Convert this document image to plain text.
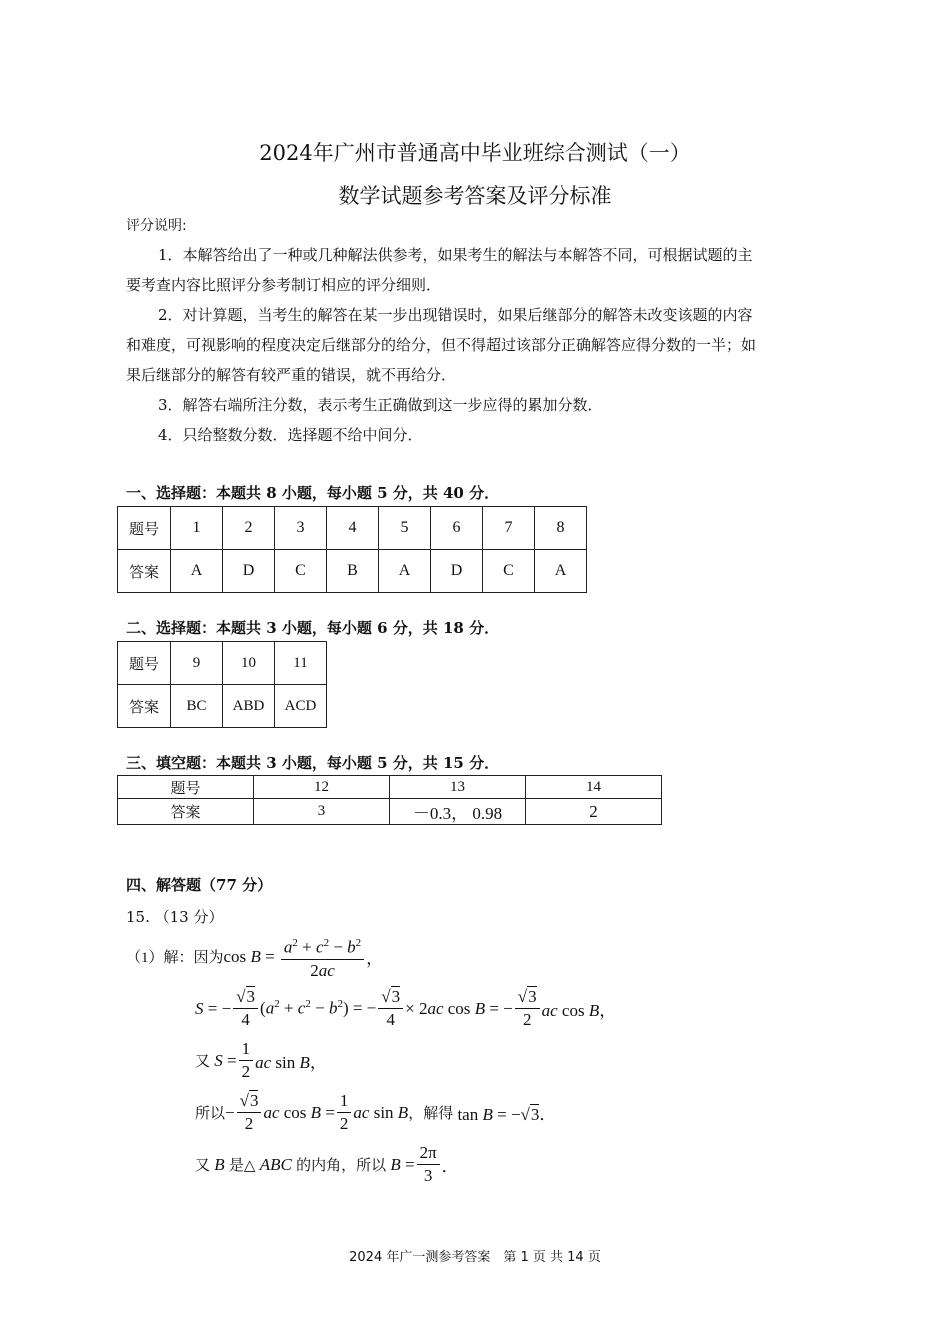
2024年广州市普通高中毕业班综合测试（一）
数学试题参考答案及评分标准
评分说明:
1．本解答给出了一种或几种解法供参考，如果考生的解法与本解答不同，可根据试题的主
要考查内容比照评分参考制订相应的评分细则．
2．对计算题，当考生的解答在某一步出现错误时，如果后继部分的解答未改变该题的内容
和难度，可视影响的程度决定后继部分的给分，但不得超过该部分正确解答应得分数的一半；如
果后继部分的解答有较严重的错误，就不再给分．
3．解答右端所注分数，表示考生正确做到这一步应得的累加分数．
4．只给整数分数．选择题不给中间分．
一、选择题：本题共 8 小题，每小题 5 分，共 40 分．
题号	1	2	3	4	5	6	7	8
答案	A	D	C	B	A	D	C	A
二、选择题：本题共 3 小题，每小题 6 分，共 18 分．
题号	9	10	11
答案	BC	ABD	ACD
三、填空题：本题共 3 小题，每小题 5 分，共 15 分．
题号	12	13	14
答案	3	－0.3， 0.98	2
四、解答题（77 分）
15. （13 分）
（1）解：因为 $\cos B = \frac{a^2 + c^2 - b^2}{2ac}$ ，
S = − $\frac{√3}{4} (a^2 + c^2 - b^2)$ = − $\frac{√3}{4} \times 2ac$ cos B = − $\frac{√3}{2}$ ac cos B，
又 $S = \frac{1}{2}$ ac sin B，
所以 − $\frac{√3}{2}$ ac $\cos B = \frac{1}{2}$ ac sin B ，解得 tan B = −√3．
又 B 是△ ABC 的内角，所以 $B = \frac{2\pi}{3}$ ．
2024 年广一测参考答案　第 1 页 共 14 页
